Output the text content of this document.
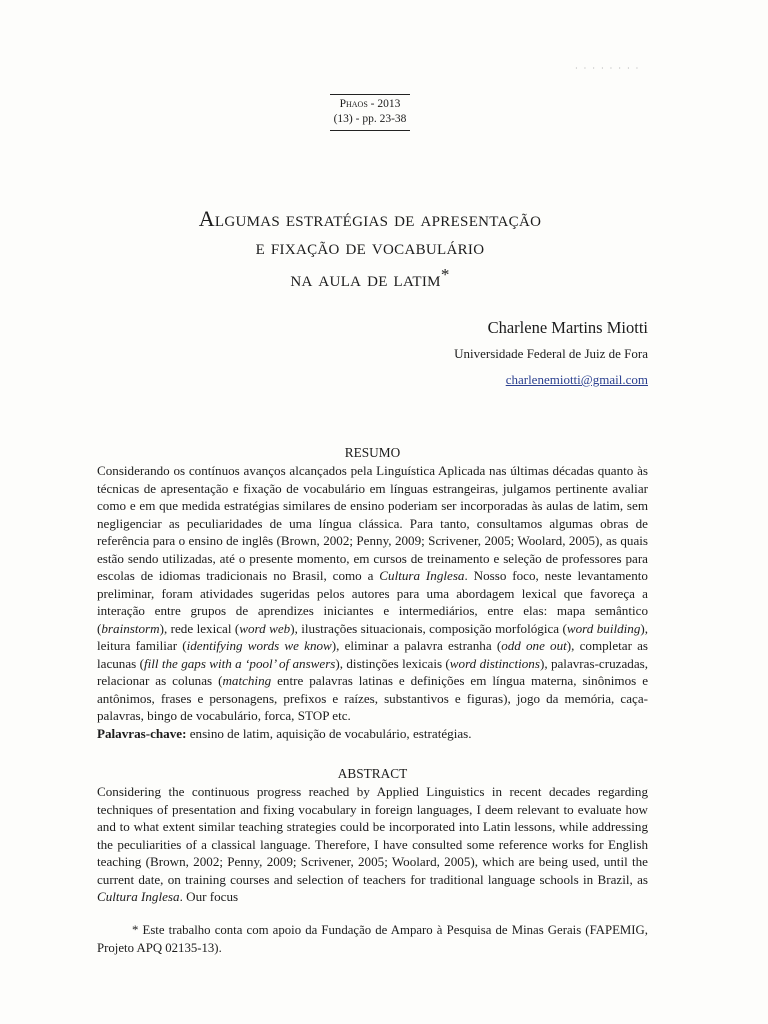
· · · · · · · ·
Phaos - 2013
(13) - pp. 23-38
Algumas estratégias de apresentação
e fixação de vocabulário
na aula de latim*
Charlene Martins Miotti
Universidade Federal de Juiz de Fora
charlenemiotti@gmail.com
RESUMO
Considerando os contínuos avanços alcançados pela Linguística Aplicada nas últimas décadas quanto às técnicas de apresentação e fixação de vocabulário em línguas estrangeiras, julgamos pertinente avaliar como e em que medida estratégias similares de ensino poderiam ser incorporadas às aulas de latim, sem negligenciar as peculiaridades de uma língua clássica. Para tanto, consultamos algumas obras de referência para o ensino de inglês (Brown, 2002; Penny, 2009; Scrivener, 2005; Woolard, 2005), as quais estão sendo utilizadas, até o presente momento, em cursos de treinamento e seleção de professores para escolas de idiomas tradicionais no Brasil, como a Cultura Inglesa. Nosso foco, neste levantamento preliminar, foram atividades sugeridas pelos autores para uma abordagem lexical que favoreça a interação entre grupos de aprendizes iniciantes e intermediários, entre elas: mapa semântico (brainstorm), rede lexical (word web), ilustrações situacionais, composição morfológica (word building), leitura familiar (identifying words we know), eliminar a palavra estranha (odd one out), completar as lacunas (fill the gaps with a ‘pool’ of answers), distinções lexicais (word distinctions), palavras-cruzadas, relacionar as colunas (matching entre palavras latinas e definições em língua materna, sinônimos e antônimos, frases e personagens, prefixos e raízes, substantivos e figuras), jogo da memória, caça-palavras, bingo de vocabulário, forca, STOP etc.
Palavras-chave: ensino de latim, aquisição de vocabulário, estratégias.
ABSTRACT
Considering the continuous progress reached by Applied Linguistics in recent decades regarding techniques of presentation and fixing vocabulary in foreign languages, I deem relevant to evaluate how and to what extent similar teaching strategies could be incorporated into Latin lessons, while addressing the peculiarities of a classical language. Therefore, I have consulted some reference works for English teaching (Brown, 2002; Penny, 2009; Scrivener, 2005; Woolard, 2005), which are being used, until the current date, on training courses and selection of teachers for traditional language schools in Brazil, as Cultura Inglesa. Our focus
* Este trabalho conta com apoio da Fundação de Amparo à Pesquisa de Minas Gerais (FAPEMIG, Projeto APQ 02135-13).
